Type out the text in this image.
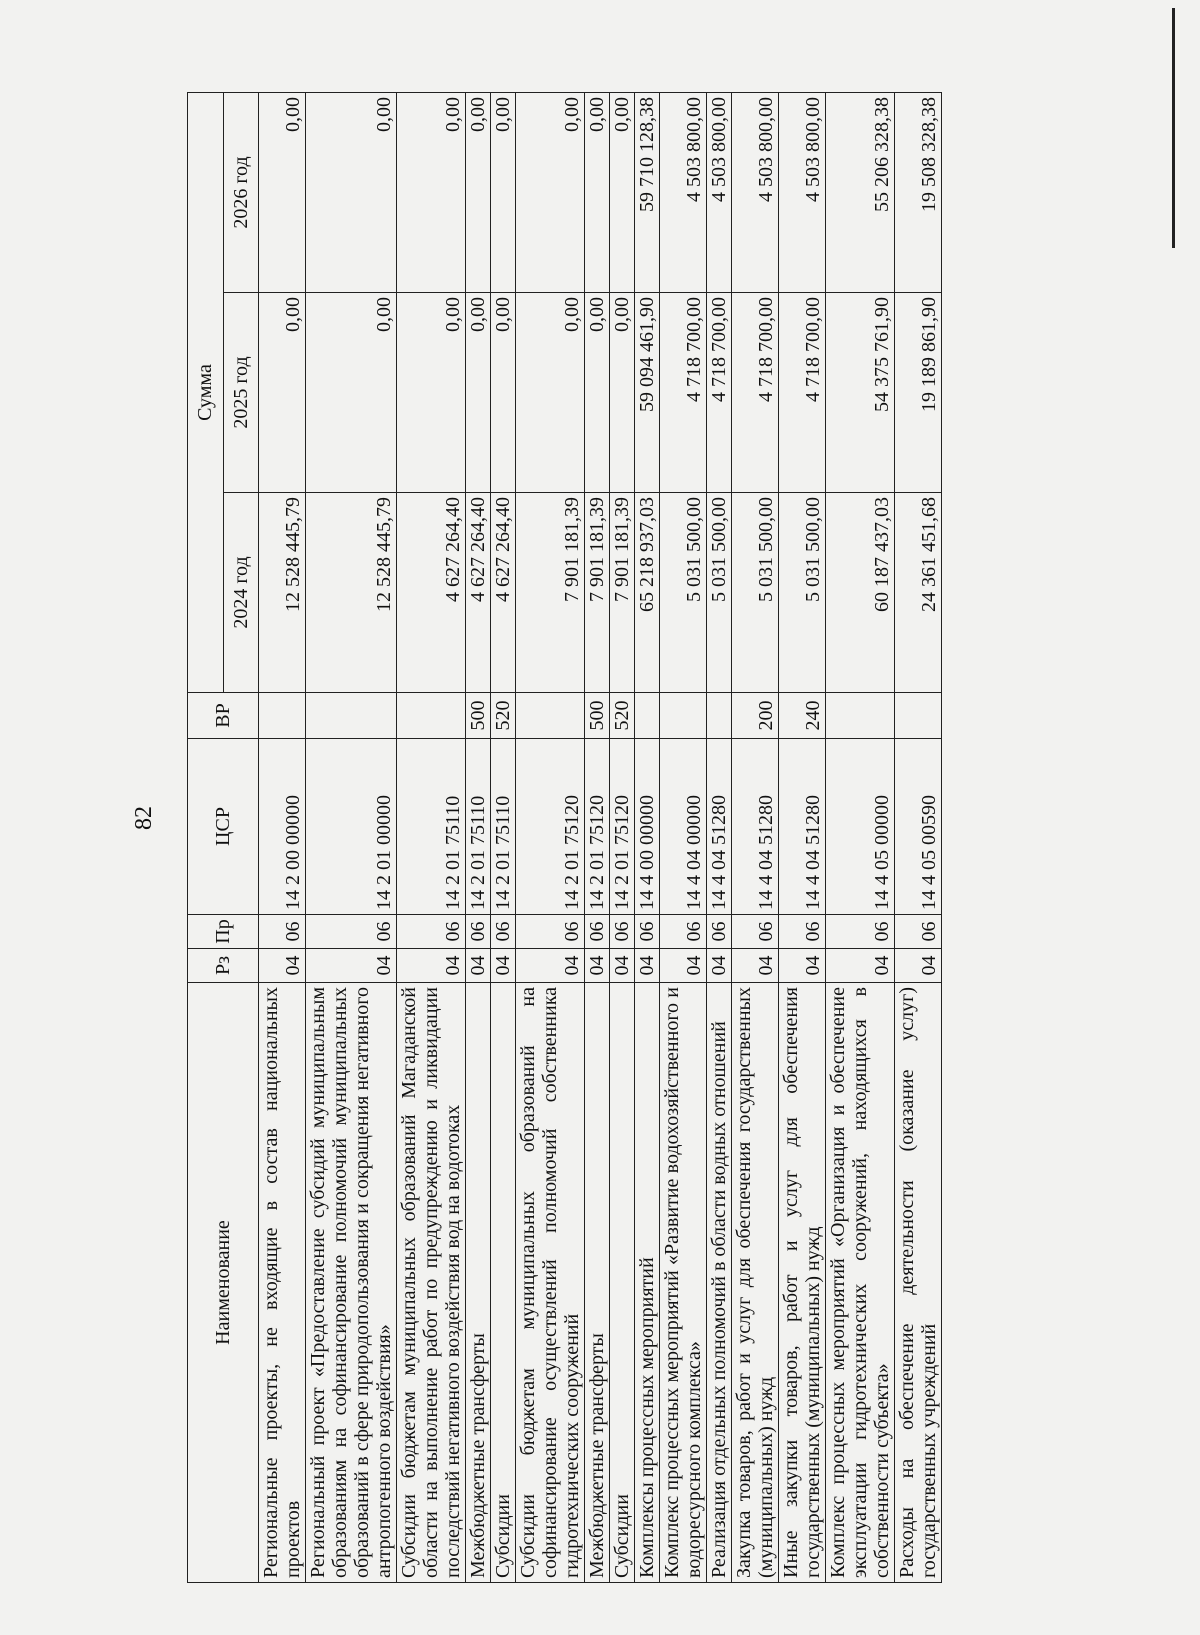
82
Наименование	Рз	Пр	ЦСР	ВР	Сумма		
					2024 год	2025 год	2026 год
Региональные проекты, не входящие в состав национальных проектов	04	06	14 2 00 00000		12 528 445,79	0,00	0,00
Региональный проект «Предоставление субсидий муниципальным образованиям на софинансирование полномочий муниципальных образований в сфере природопользования и сокращения негативного антропогенного воздействия»	04	06	14 2 01 00000		12 528 445,79	0,00	0,00
Субсидии бюджетам муниципальных образований Магаданской области на выполнение работ по предупреждению и ликвидации последствий негативного воздействия вод на водотоках	04	06	14 2 01 75110		4 627 264,40	0,00	0,00
Межбюджетные трансферты	04	06	14 2 01 75110	500	4 627 264,40	0,00	0,00
Субсидии	04	06	14 2 01 75110	520	4 627 264,40	0,00	0,00
Субсидии бюджетам муниципальных образований на софинансирование осуществлений полномочий собственника гидротехнических сооружений	04	06	14 2 01 75120		7 901 181,39	0,00	0,00
Межбюджетные трансферты	04	06	14 2 01 75120	500	7 901 181,39	0,00	0,00
Субсидии	04	06	14 2 01 75120	520	7 901 181,39	0,00	0,00
Комплексы процессных мероприятий	04	06	14 4 00 00000		65 218 937,03	59 094 461,90	59 710 128,38
Комплекс процессных мероприятий «Развитие водохозяйственного и водоресурсного комплекса»	04	06	14 4 04 00000		5 031 500,00	4 718 700,00	4 503 800,00
Реализация отдельных полномочий в области водных отношений	04	06	14 4 04 51280		5 031 500,00	4 718 700,00	4 503 800,00
Закупка товаров, работ и услуг для обеспечения государственных (муниципальных) нужд	04	06	14 4 04 51280	200	5 031 500,00	4 718 700,00	4 503 800,00
Иные закупки товаров, работ и услуг для обеспечения государственных (муниципальных) нужд	04	06	14 4 04 51280	240	5 031 500,00	4 718 700,00	4 503 800,00
Комплекс процессных мероприятий «Организация и обеспечение эксплуатации гидротехнических сооружений, находящихся в собственности субъекта»	04	06	14 4 05 00000		60 187 437,03	54 375 761,90	55 206 328,38
Расходы на обеспечение деятельности (оказание услуг) государственных учреждений	04	06	14 4 05 00590		24 361 451,68	19 189 861,90	19 508 328,38
